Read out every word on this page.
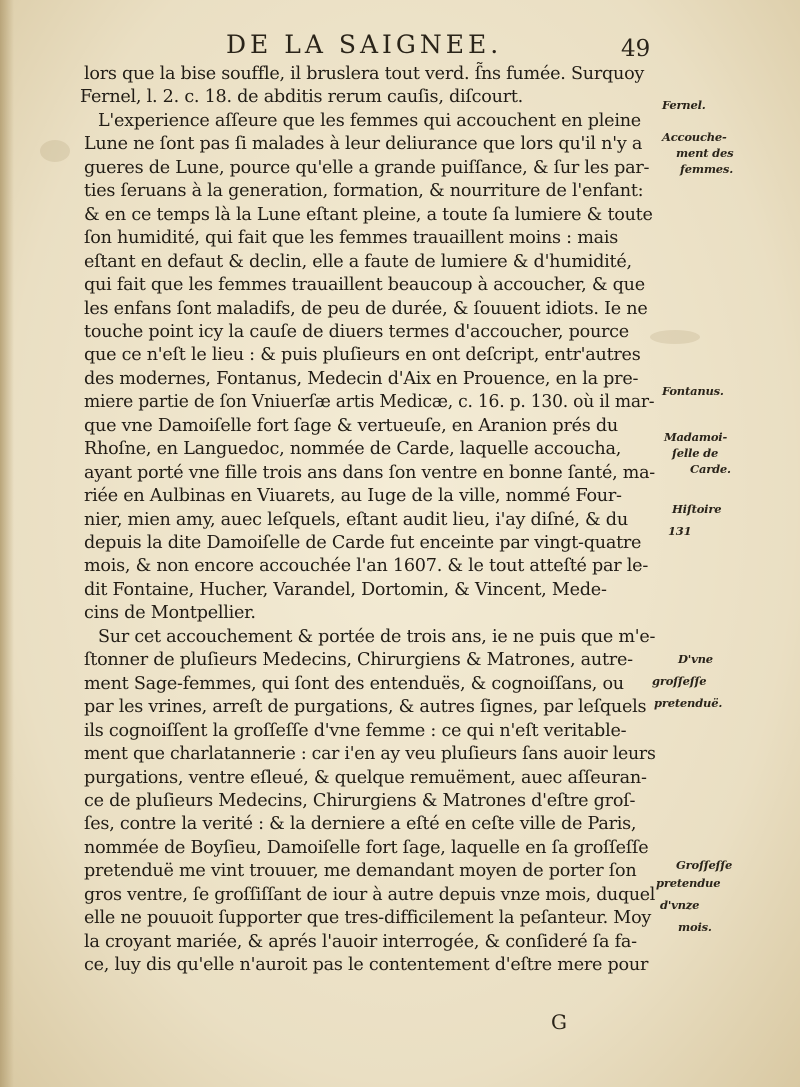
DE LA SAIGNEE.	49
lors que la bise souffle, il bruslera tout verd. ſ̃ns fumée. Surquoy
Fernel, l. 2. c. 18. de abditis rerum cauſis, diſcourt.
L'experience aſſeure que les femmes qui accouchent en pleine
Lune ne ſont pas ſi malades à leur deliurance que lors qu'il n'y a
gueres de Lune, pource qu'elle a grande puiſſance, & ſur les par-
ties ſeruans à la generation, formation, & nourriture de l'enfant:
& en ce temps là la Lune eſtant pleine, a toute ſa lumiere & toute
ſon humidité, qui fait que les femmes trauaillent moins : mais
eſtant en defaut & declin, elle a faute de lumiere & d'humidité,
qui fait que les femmes trauaillent beaucoup à accoucher, & que
les enfans ſont maladifs, de peu de durée, & ſouuent idiots. Ie ne
touche point icy la cauſe de diuers termes d'accoucher, pource
que ce n'eſt le lieu : & puis pluſieurs en ont deſcript, entr'autres
des modernes, Fontanus, Medecin d'Aix en Prouence, en la pre-
miere partie de ſon Vniuerſæ artis Medicæ, c. 16. p. 130. où il mar-
que vne Damoiſelle fort ſage & vertueuſe, en Aranion prés du
Rhoſne, en Languedoc, nommée de Carde, laquelle accoucha,
ayant porté vne fille trois ans dans ſon ventre en bonne ſanté, ma-
riée en Aulbinas en Viuarets, au Iuge de la ville, nommé Four-
nier, mien amy, auec leſquels, eſtant audit lieu, i'ay diſné, & du
depuis la dite Damoiſelle de Carde fut enceinte par vingt-quatre
mois, & non encore accouchée l'an 1607. & le tout atteſté par le-
dit Fontaine, Hucher, Varandel, Dortomin, & Vincent, Mede-
cins de Montpellier.
Sur cet accouchement & portée de trois ans, ie ne puis que m'e-
ſtonner de pluſieurs Medecins, Chirurgiens & Matrones, autre-
ment Sage-femmes, qui ſont des entenduës, & cognoiſſans, ou
par les vrines, arreſt de purgations, & autres ſignes, par leſquels
ils cognoiſſent la groſſeſſe d'vne femme : ce qui n'eſt veritable-
ment que charlatannerie : car i'en ay veu pluſieurs ſans auoir leurs
purgations, ventre eſleué, & quelque remuëment, auec aſſeuran-
ce de pluſieurs Medecins, Chirurgiens & Matrones d'eſtre groſ-
ſes, contre la verité : & la derniere a eſté en ceſte ville de Paris,
nommée de Boyſieu, Damoiſelle fort ſage, laquelle en ſa groſſeſſe
pretenduë me vint trouuer, me demandant moyen de porter ſon
gros ventre, ſe groſſiſſant de iour à autre depuis vnze mois, duquel
elle ne pouuoit ſupporter que tres-difficilement la peſanteur. Moy
la croyant mariée, & aprés l'auoir interrogée, & conſideré ſa fa-
ce, luy dis qu'elle n'auroit pas le contentement d'eſtre mere pour
Fernel.
Accouche-
ment des
femmes.
Fontanus.
Madamoi-
ſelle de
Carde.
Hiſtoire
131
D'vne
groſſeſſe
pretenduë.
Groſſeſſe
pretendue
d'vnze
mois.
G
